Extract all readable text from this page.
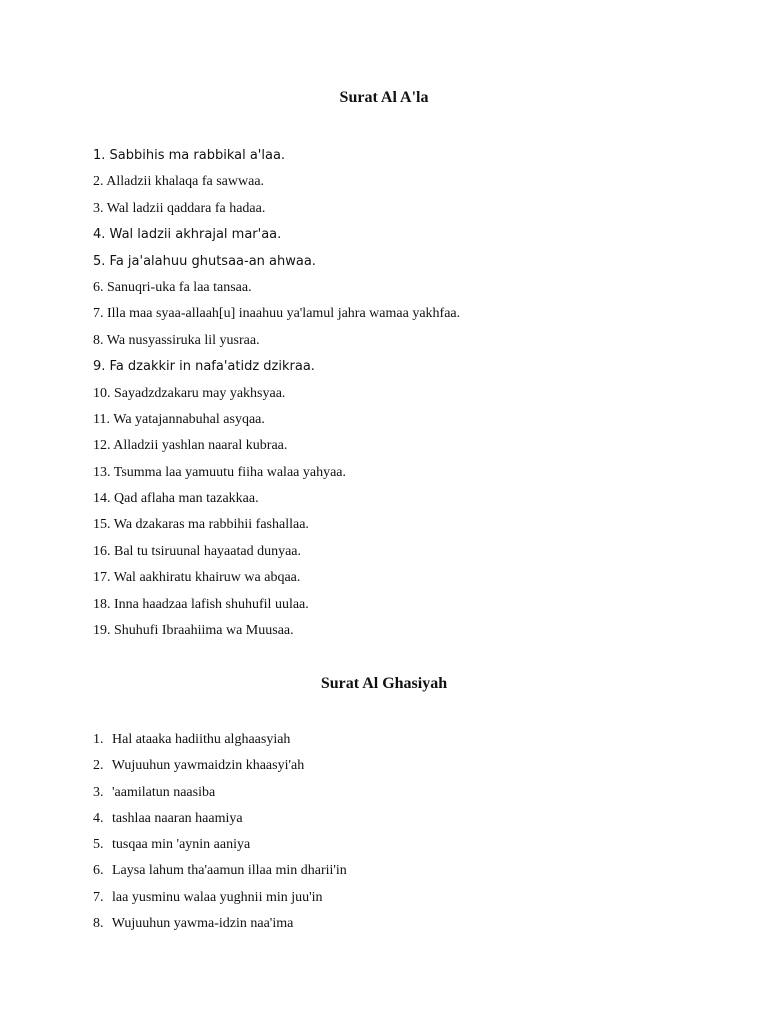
Surat Al A'la
1. Sabbihis ma rabbikal a'laa.
2. Alladzii khalaqa fa sawwaa.
3. Wal ladzii qaddara fa hadaa.
4. Wal ladzii akhrajal mar'aa.
5. Fa ja'alahuu ghutsaa-an ahwaa.
6. Sanuqri-uka fa laa tansaa.
7. Illa maa syaa-allaah[u] inaahuu ya'lamul jahra wamaa yakhfaa.
8. Wa nusyassiruka lil yusraa.
9. Fa dzakkir in nafa'atidz dzikraa.
10. Sayadzdzakaru may yakhsyaa.
11. Wa yatajannabuhal asyqaa.
12. Alladzii yashlan naaral kubraa.
13. Tsumma laa yamuutu fiiha walaa yahyaa.
14. Qad aflaha man tazakkaa.
15. Wa dzakaras ma rabbihii fashallaa.
16. Bal tu tsiruunal hayaatad dunyaa.
17. Wal aakhiratu khairuw wa abqaa.
18. Inna haadzaa lafish shuhufil uulaa.
19. Shuhufi Ibraahiima wa Muusaa.
Surat Al Ghasiyah
1. Hal ataaka hadiithu alghaasyiah
2. Wujuuhun yawmaidzin khaasyi'ah
3. 'aamilatun naasiba
4. tashlaa naaran haamiya
5. tusqaa min 'aynin aaniya
6. Laysa lahum tha'aamun illaa min dharii'in
7. laa yusminu walaa yughnii min juu'in
8. Wujuuhun yawma-idzin naa'ima
